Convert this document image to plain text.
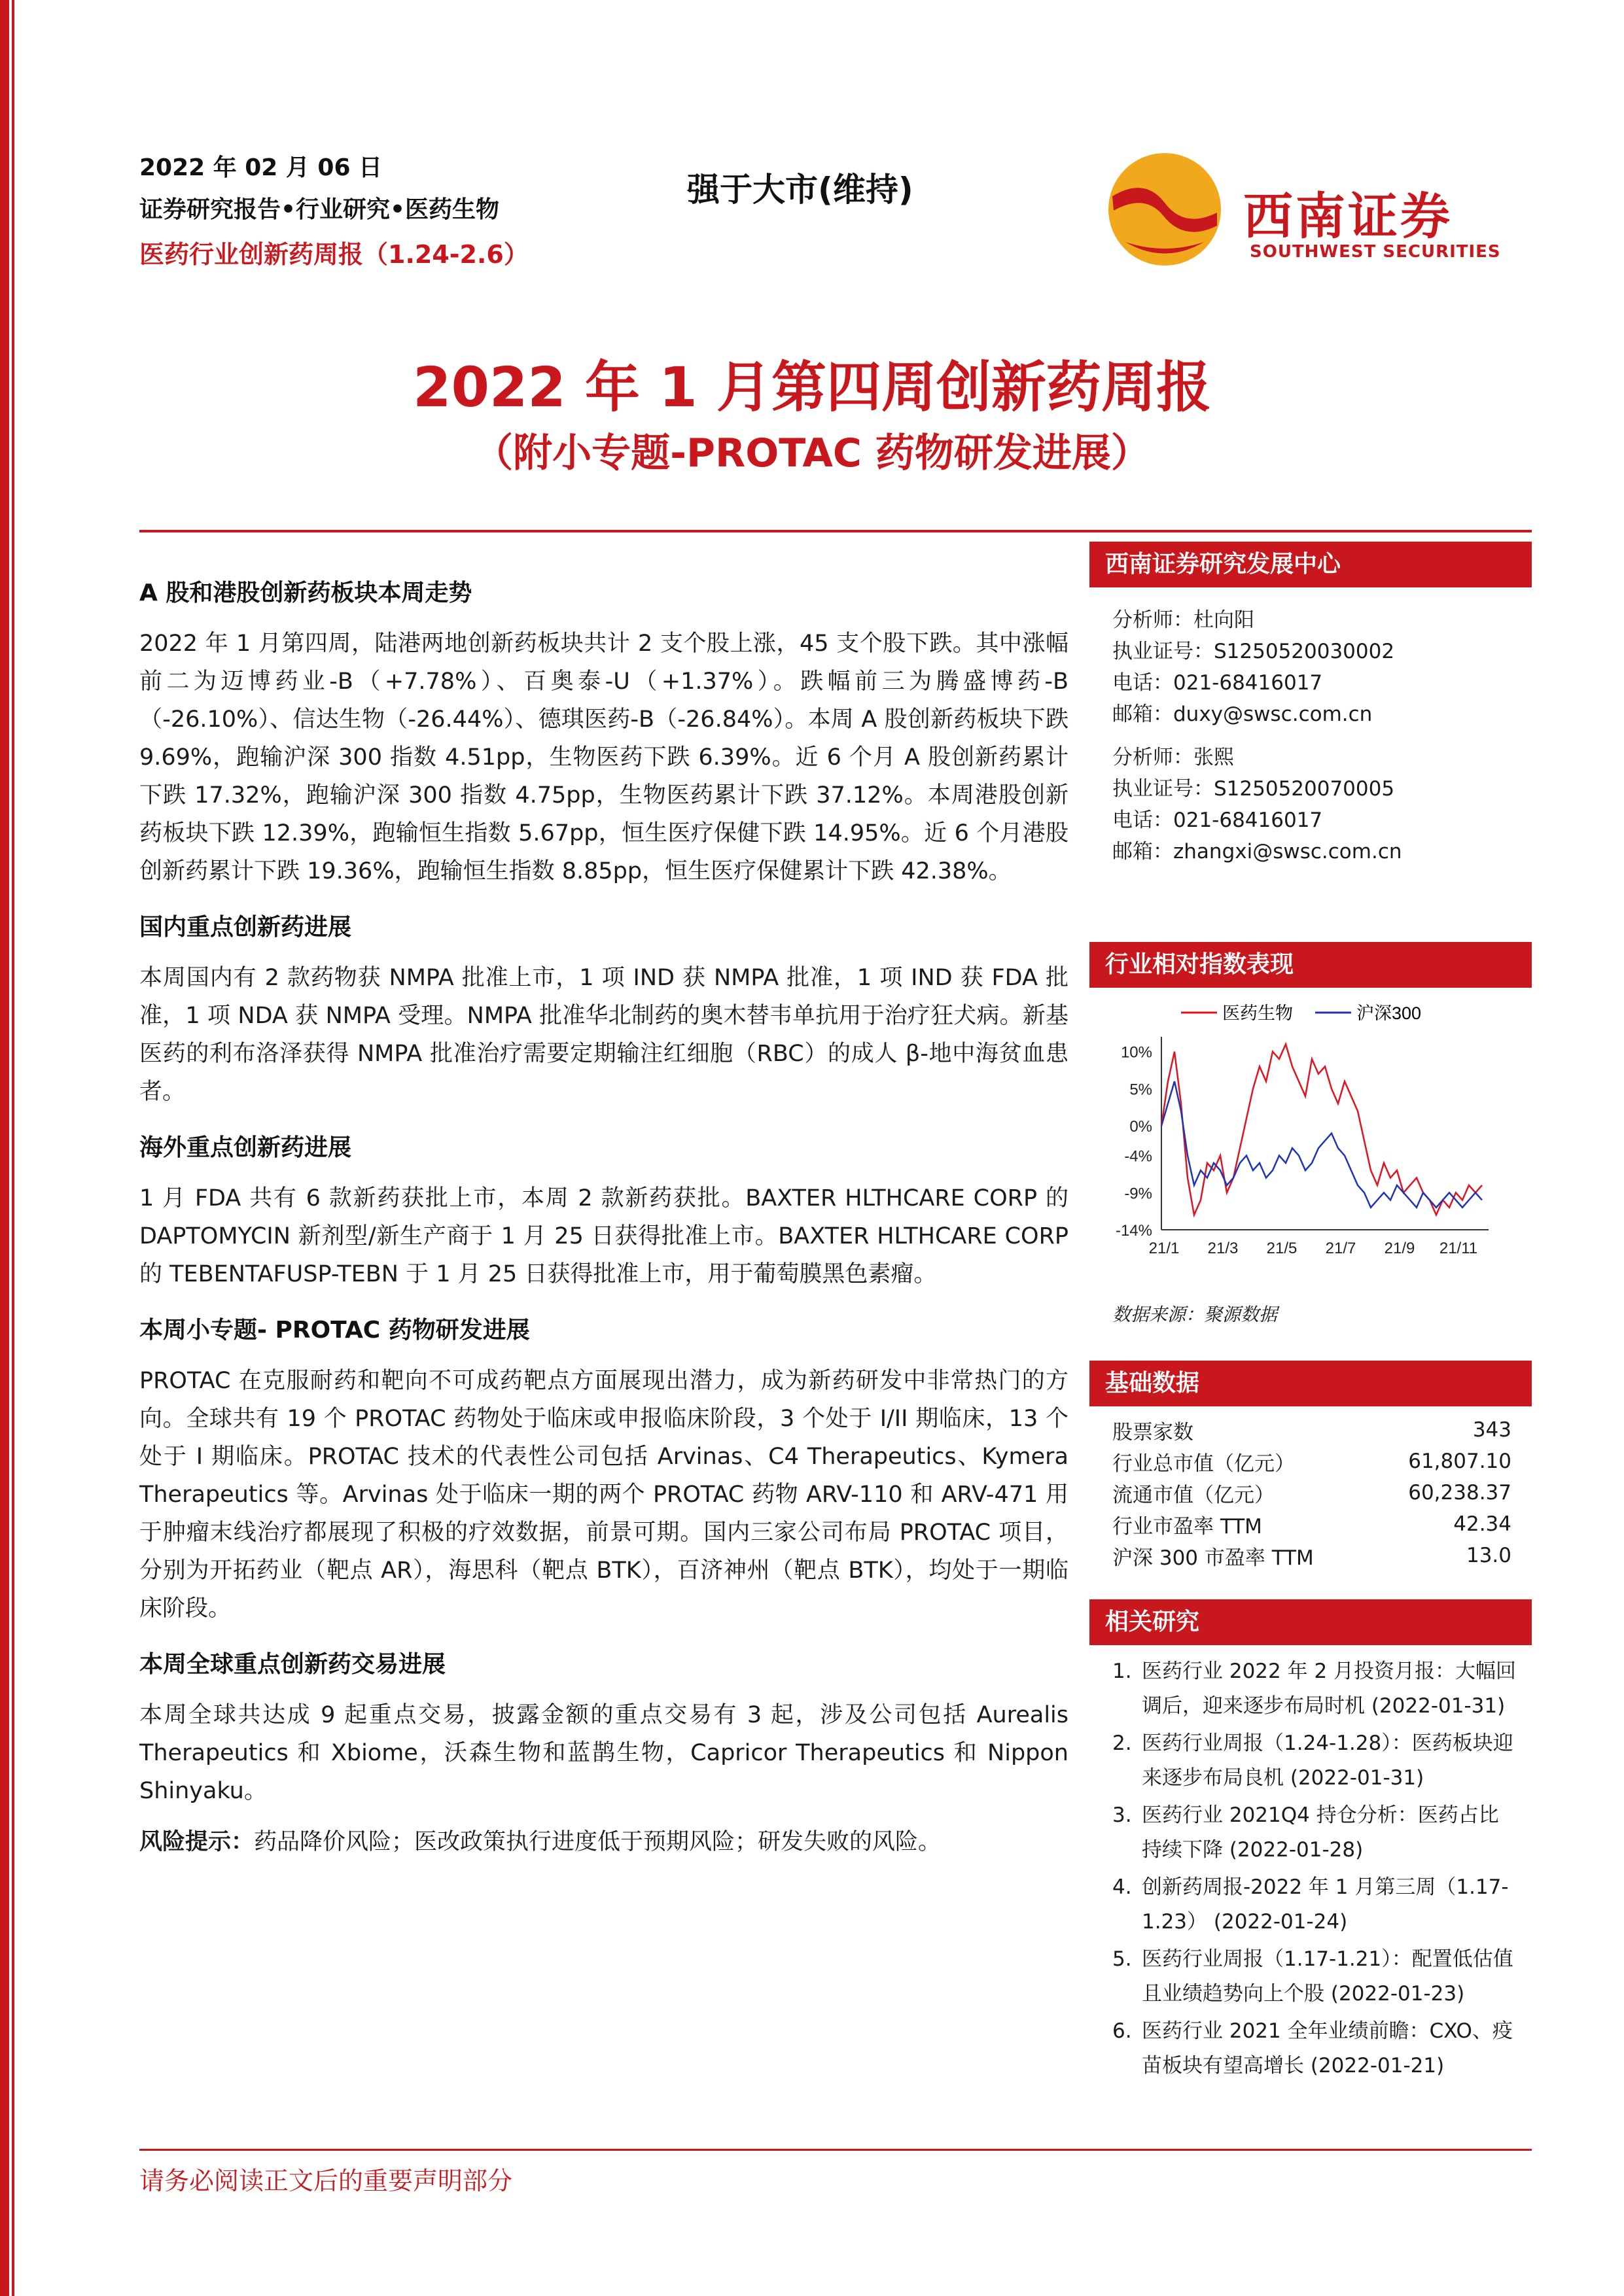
2022 年 02 月 06 日
证券研究报告•行业研究•医药生物
医药行业创新药周报（1.24-2.6）
强于大市(维持)	西南证券
SOUTHWEST SECURITIES
2022 年 1 月第四周创新药周报
（附小专题-PROTAC 药物研发进展）
A 股和港股创新药板块本周走势

2022 年 1 月第四周，陆港两地创新药板块共计 2 支个股上涨，45 支个股下跌。其中涨幅前二为迈博药业-B（+7.78%）、百奥泰-U（+1.37%）。跌幅前三为腾盛博药-B（-26.10%）、信达生物（-26.44%）、德琪医药-B（-26.84%）。本周 A 股创新药板块下跌 9.69%，跑输沪深 300 指数 4.51pp，生物医药下跌 6.39%。近 6 个月 A 股创新药累计下跌 17.32%，跑输沪深 300 指数 4.75pp，生物医药累计下跌 37.12%。本周港股创新药板块下跌 12.39%，跑输恒生指数 5.67pp，恒生医疗保健下跌 14.95%。近 6 个月港股创新药累计下跌 19.36%，跑输恒生指数 8.85pp，恒生医疗保健累计下跌 42.38%。

国内重点创新药进展

本周国内有 2 款药物获 NMPA 批准上市，1 项 IND 获 NMPA 批准，1 项 IND 获 FDA 批准，1 项 NDA 获 NMPA 受理。NMPA 批准华北制药的奥木替韦单抗用于治疗狂犬病。新基医药的利布洛泽获得 NMPA 批准治疗需要定期输注红细胞（RBC）的成人 β-地中海贫血患者。

海外重点创新药进展

1 月 FDA 共有 6 款新药获批上市，本周 2 款新药获批。BAXTER HLTHCARE CORP 的 DAPTOMYCIN 新剂型/新生产商于 1 月 25 日获得批准上市。BAXTER HLTHCARE CORP 的 TEBENTAFUSP-TEBN 于 1 月 25 日获得批准上市，用于葡萄膜黑色素瘤。

本周小专题- PROTAC 药物研发进展

PROTAC 在克服耐药和靶向不可成药靶点方面展现出潜力，成为新药研发中非常热门的方向。全球共有 19 个 PROTAC 药物处于临床或申报临床阶段，3 个处于 I/II 期临床，13 个处于 I 期临床。PROTAC 技术的代表性公司包括 Arvinas、C4 Therapeutics、Kymera Therapeutics 等。Arvinas 处于临床一期的两个 PROTAC 药物 ARV-110 和 ARV-471 用于肿瘤末线治疗都展现了积极的疗效数据，前景可期。国内三家公司布局 PROTAC 项目，分别为开拓药业（靶点 AR），海思科（靶点 BTK），百济神州（靶点 BTK），均处于一期临床阶段。

本周全球重点创新药交易进展

本周全球共达成 9 起重点交易，披露金额的重点交易有 3 起，涉及公司包括 Aurealis Therapeutics 和 Xbiome，沃森生物和蓝鹊生物，Capricor Therapeutics 和 Nippon Shinyaku。

风险提示：药品降价风险；医改政策执行进度低于预期风险；研发失败的风险。
西南证券研究发展中心
分析师：杜向阳
执业证号：S1250520030002
电话：021-68416017
邮箱：duxy@swsc.com.cn
分析师：张熙
执业证号：S1250520070005
电话：021-68416017
邮箱：zhangxi@swsc.com.cn
行业相对指数表现
医药生物	沪深300
10%
5%
0%
-4%
-9%
-14%
21/1 21/3 21/5 21/7 21/9 21/11
数据来源：聚源数据
基础数据
股票家数	343
行业总市值（亿元）	61,807.10
流通市值（亿元）	60,238.37
行业市盈率 TTM	42.34
沪深 300 市盈率 TTM	13.0
相关研究
1. 医药行业 2022 年 2 月投资月报：大幅回调后，迎来逐步布局时机 (2022-01-31)
2. 医药行业周报（1.24-1.28）：医药板块迎来逐步布局良机 (2022-01-31)
3. 医药行业 2021Q4 持仓分析：医药占比持续下降 (2022-01-28)
4. 创新药周报-2022 年 1 月第三周（1.17-1.23） (2022-01-24)
5. 医药行业周报（1.17-1.21）：配置低估值且业绩趋势向上个股 (2022-01-23)
6. 医药行业 2021 全年业绩前瞻：CXO、疫苗板块有望高增长 (2022-01-21)
请务必阅读正文后的重要声明部分
